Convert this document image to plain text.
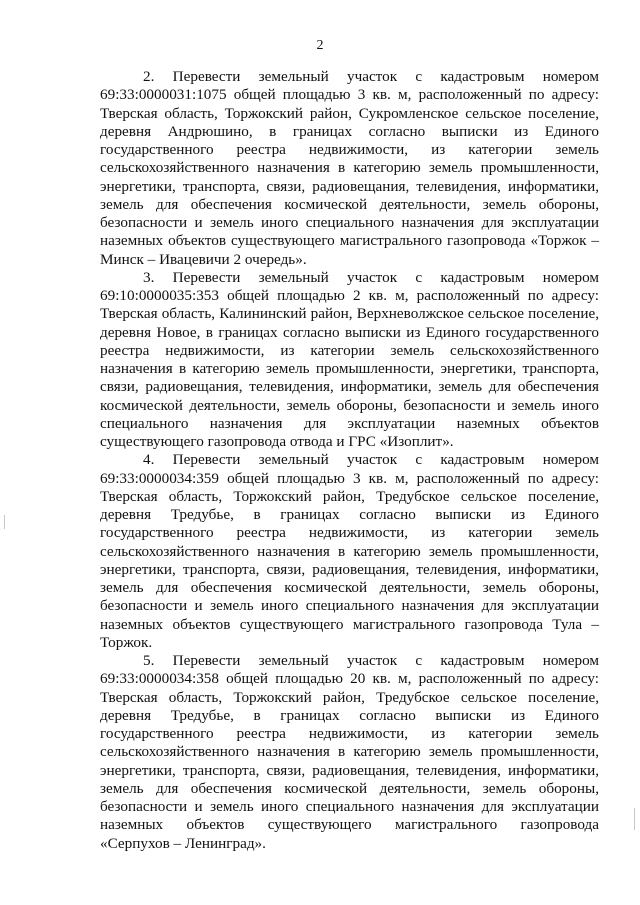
2
2. Перевести земельный участок с кадастровым номером
69:33:0000031:1075 общей площадью 3 кв. м, расположенный по адресу:
Тверская область, Торжокский район, Сукромленское сельское поселение,
деревня Андрюшино, в границах согласно выписки из Единого
государственного реестра недвижимости, из категории земель
сельскохозяйственного назначения в категорию земель промышленности,
энергетики, транспорта, связи, радиовещания, телевидения, информатики,
земель для обеспечения космической деятельности, земель обороны,
безопасности и земель иного специального назначения для эксплуатации
наземных объектов существующего магистрального газопровода «Торжок –
Минск – Ивацевичи 2 очередь».
3. Перевести земельный участок с кадастровым номером
69:10:0000035:353 общей площадью 2 кв. м, расположенный по адресу:
Тверская область, Калининский район, Верхневолжское сельское поселение,
деревня Новое, в границах согласно выписки из Единого государственного
реестра недвижимости, из категории земель сельскохозяйственного
назначения в категорию земель промышленности, энергетики, транспорта,
связи, радиовещания, телевидения, информатики, земель для обеспечения
космической деятельности, земель обороны, безопасности и земель иного
специального назначения для эксплуатации наземных объектов
существующего газопровода отвода и ГРС «Изоплит».
4. Перевести земельный участок с кадастровым номером
69:33:0000034:359 общей площадью 3 кв. м, расположенный по адресу:
Тверская область, Торжокский район, Тредубское сельское поселение,
деревня Тредубье, в границах согласно выписки из Единого
государственного реестра недвижимости, из категории земель
сельскохозяйственного назначения в категорию земель промышленности,
энергетики, транспорта, связи, радиовещания, телевидения, информатики,
земель для обеспечения космической деятельности, земель обороны,
безопасности и земель иного специального назначения для эксплуатации
наземных объектов существующего магистрального газопровода Тула –
Торжок.
5. Перевести земельный участок с кадастровым номером
69:33:0000034:358 общей площадью 20 кв. м, расположенный по адресу:
Тверская область, Торжокский район, Тредубское сельское поселение,
деревня Тредубье, в границах согласно выписки из Единого
государственного реестра недвижимости, из категории земель
сельскохозяйственного назначения в категорию земель промышленности,
энергетики, транспорта, связи, радиовещания, телевидения, информатики,
земель для обеспечения космической деятельности, земель обороны,
безопасности и земель иного специального назначения для эксплуатации
наземных объектов существующего магистрального газопровода
«Серпухов – Ленинград».
